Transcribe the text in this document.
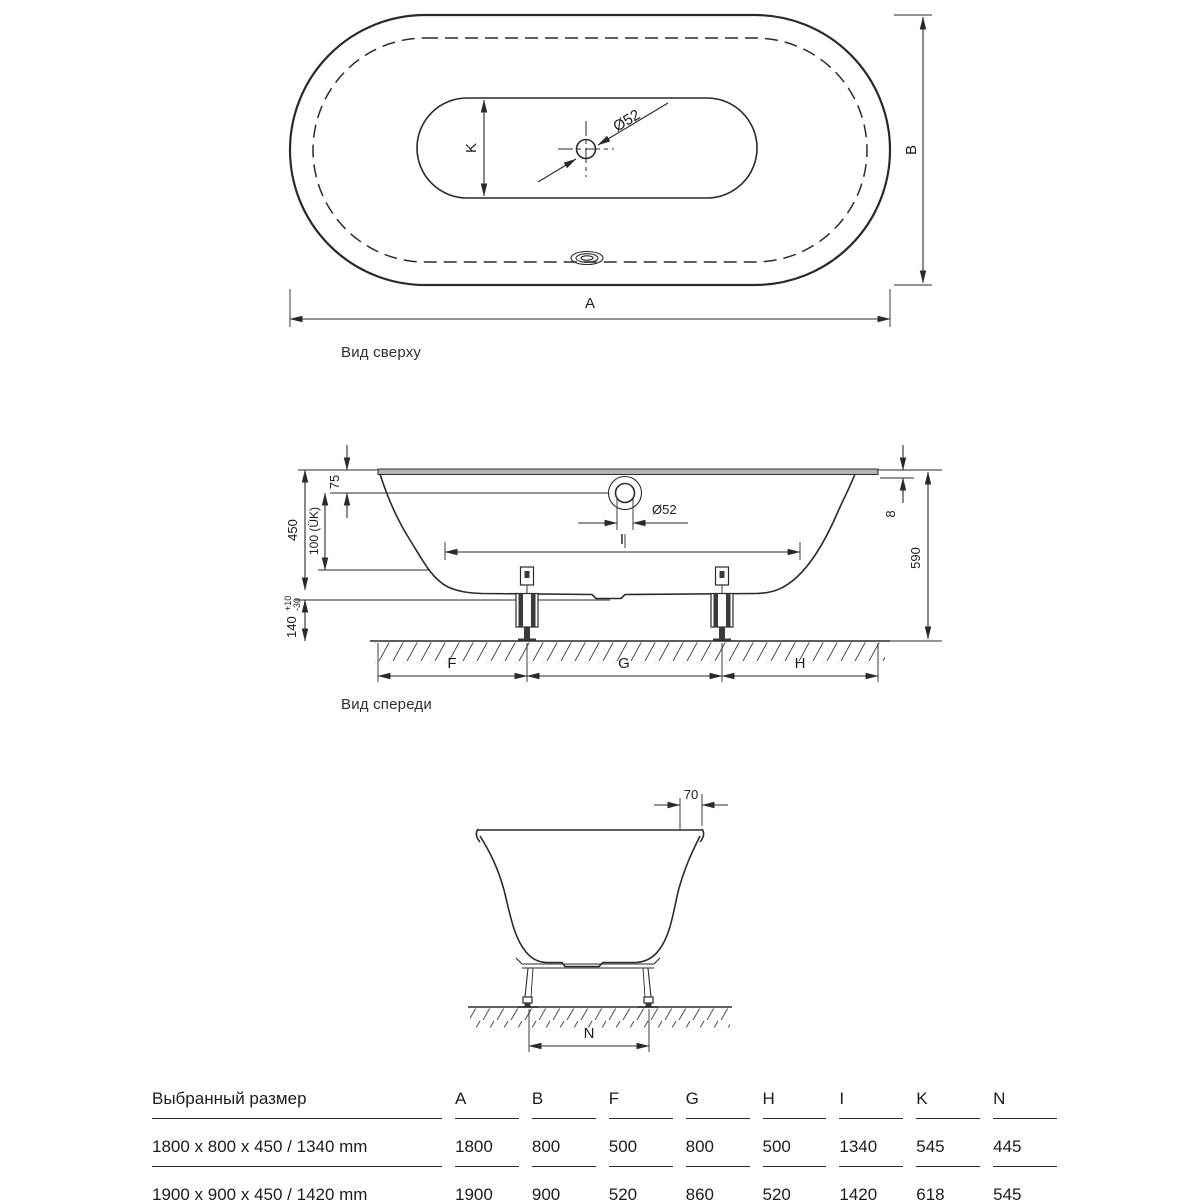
K
Ø52
A
B
Вид сверху
Ø52
I
75
100 (ÜK)
450
140
+10 -30
8
590
F	G	H
Вид спереди
70
N
Выбранный размер	A	B	F	G	H	I	K	N
1800 x 800 x 450 / 1340 mm	1800	800	500	800	500	1340	545	445
1900 x 900 x 450 / 1420 mm	1900	900	520	860	520	1420	618	545
